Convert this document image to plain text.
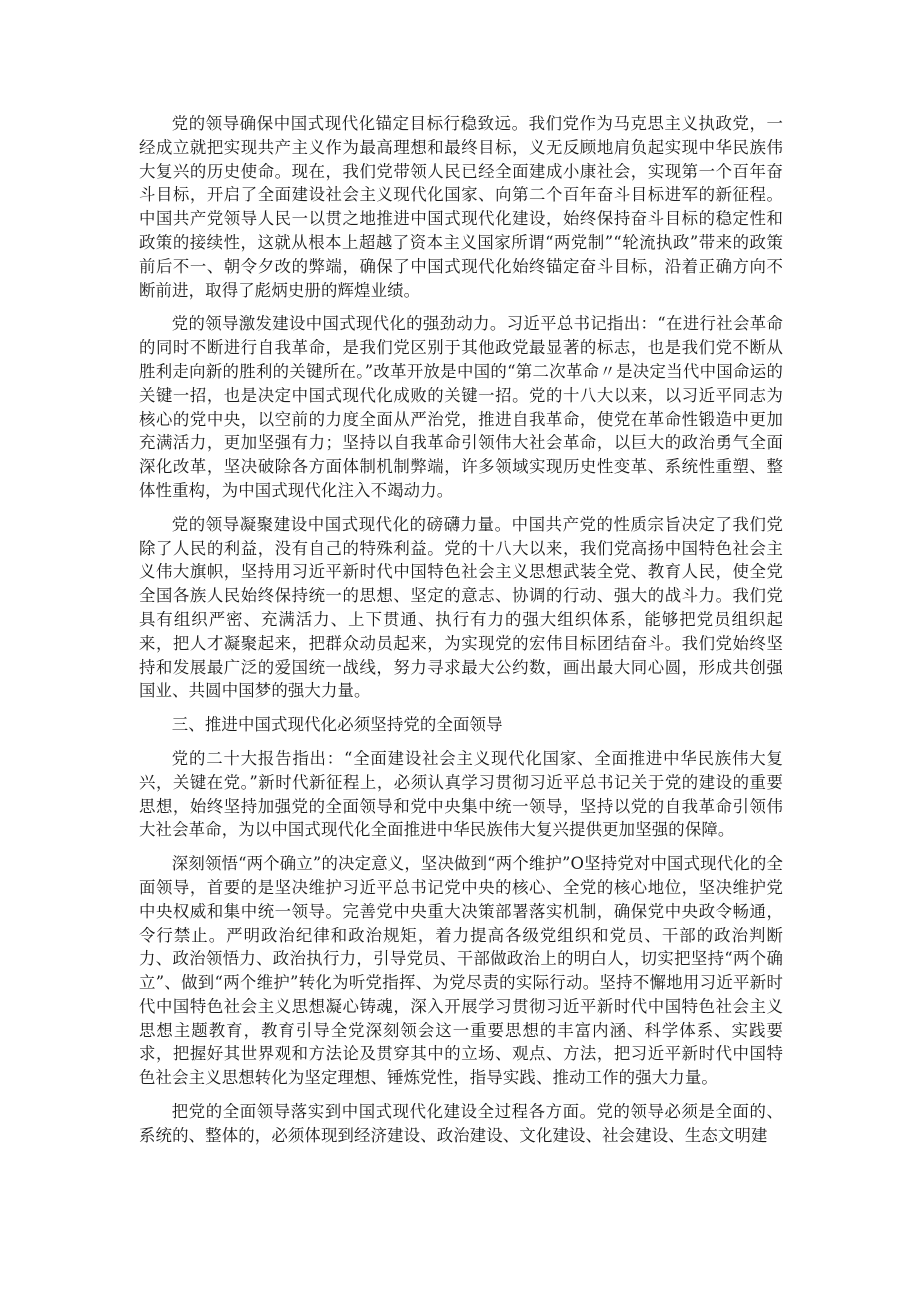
党的领导确保中国式现代化锚定目标行稳致远。我们党作为马克思主义执政党，一经成立就把实现共产主义作为最高理想和最终目标，义无反顾地肩负起实现中华民族伟大复兴的历史使命。现在，我们党带领人民已经全面建成小康社会，实现第一个百年奋斗目标，开启了全面建设社会主义现代化国家、向第二个百年奋斗目标进军的新征程。中国共产党领导人民一以贯之地推进中国式现代化建设，始终保持奋斗目标的稳定性和政策的接续性，这就从根本上超越了资本主义国家所谓“两党制”“轮流执政”带来的政策前后不一、朝令夕改的弊端，确保了中国式现代化始终锚定奋斗目标，沿着正确方向不断前进，取得了彪炳史册的辉煌业绩。

党的领导激发建设中国式现代化的强劲动力。习近平总书记指出：“在进行社会革命的同时不断进行自我革命，是我们党区别于其他政党最显著的标志，也是我们党不断从胜利走向新的胜利的关键所在。”改革开放是中国的“第二次革命〃是决定当代中国命运的关键一招，也是决定中国式现代化成败的关键一招。党的十八大以来，以习近平同志为核心的党中央，以空前的力度全面从严治党，推进自我革命，使党在革命性锻造中更加充满活力，更加坚强有力；坚持以自我革命引领伟大社会革命，以巨大的政治勇气全面深化改革，坚决破除各方面体制机制弊端，许多领域实现历史性变革、系统性重塑、整体性重构，为中国式现代化注入不竭动力。

党的领导凝聚建设中国式现代化的磅礴力量。中国共产党的性质宗旨决定了我们党除了人民的利益，没有自己的特殊利益。党的十八大以来，我们党高扬中国特色社会主义伟大旗帜，坚持用习近平新时代中国特色社会主义思想武装全党、教育人民，使全党全国各族人民始终保持统一的思想、坚定的意志、协调的行动、强大的战斗力。我们党具有组织严密、充满活力、上下贯通、执行有力的强大组织体系，能够把党员组织起来，把人才凝聚起来，把群众动员起来，为实现党的宏伟目标团结奋斗。我们党始终坚持和发展最广泛的爱国统一战线，努力寻求最大公约数，画出最大同心圆，形成共创强国业、共圆中国梦的强大力量。

三、推进中国式现代化必须坚持党的全面领导

党的二十大报告指出：“全面建设社会主义现代化国家、全面推进中华民族伟大复兴，关键在党。”新时代新征程上，必须认真学习贯彻习近平总书记关于党的建设的重要思想，始终坚持加强党的全面领导和党中央集中统一领导，坚持以党的自我革命引领伟大社会革命，为以中国式现代化全面推进中华民族伟大复兴提供更加坚强的保障。

深刻领悟“两个确立”的决定意义，坚决做到“两个维护”O坚持党对中国式现代化的全面领导，首要的是坚决维护习近平总书记党中央的核心、全党的核心地位，坚决维护党中央权威和集中统一领导。完善党中央重大决策部署落实机制，确保党中央政令畅通，令行禁止。严明政治纪律和政治规矩，着力提高各级党组织和党员、干部的政治判断力、政治领悟力、政治执行力，引导党员、干部做政治上的明白人，切实把坚持“两个确立”、做到“两个维护”转化为听党指挥、为党尽责的实际行动。坚持不懈地用习近平新时代中国特色社会主义思想凝心铸魂，深入开展学习贯彻习近平新时代中国特色社会主义思想主题教育，教育引导全党深刻领会这一重要思想的丰富内涵、科学体系、实践要求，把握好其世界观和方法论及贯穿其中的立场、观点、方法，把习近平新时代中国特色社会主义思想转化为坚定理想、锤炼党性，指导实践、推动工作的强大力量。

把党的全面领导落实到中国式现代化建设全过程各方面。党的领导必须是全面的、系统的、整体的，必须体现到经济建设、政治建设、文化建设、社会建设、生态文明建
